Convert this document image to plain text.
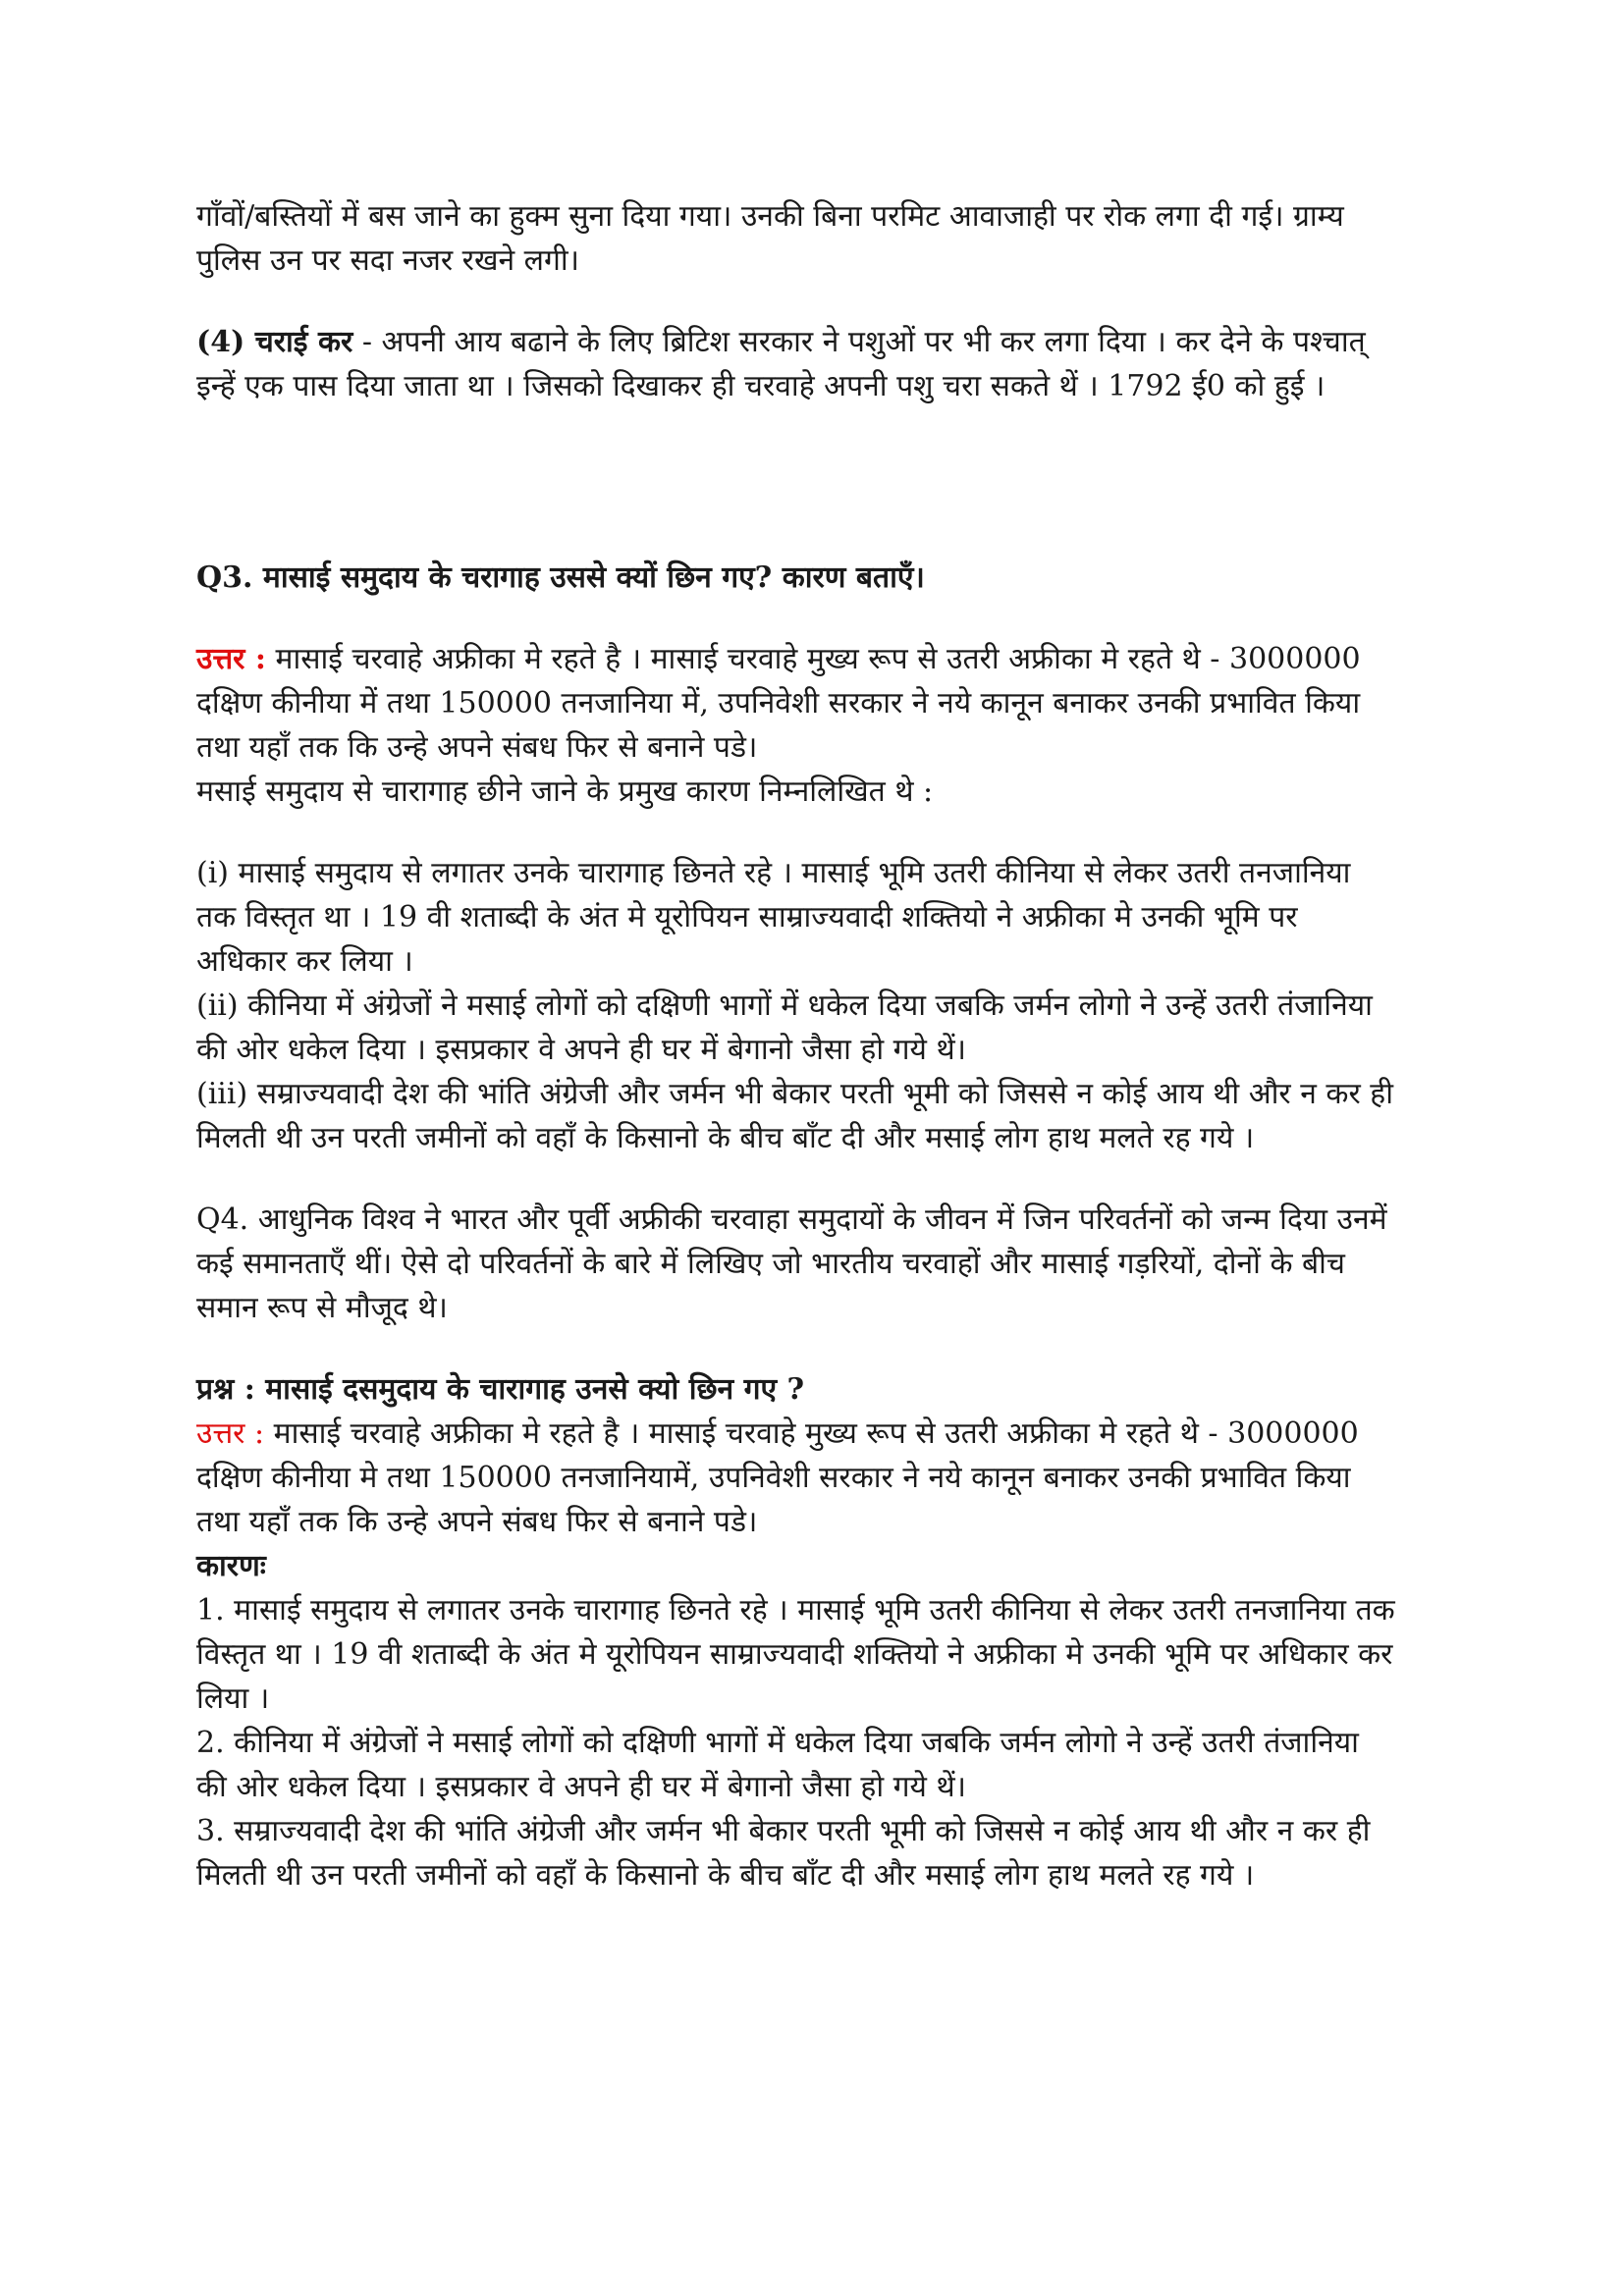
गाँवों/बस्तियों में बस जाने का हुक्म सुना दिया गया। उनकी बिना परमिट आवाजाही पर रोक लगा दी गई। ग्राम्य पुलिस उन पर सदा नजर रखने लगी।

(4) चराई कर - अपनी आय बढाने के लिए ब्रिटिश सरकार ने पशुओं पर भी कर लगा दिया । कर देने के पश्चात् इन्हें एक पास दिया जाता था । जिसको दिखाकर ही चरवाहे अपनी पशु चरा सकते थें । 1792 ई0 को हुई ।

Q3. मासाई समुदाय के चरागाह उससे क्यों छिन गए? कारण बताएँ।

उत्तर : मासाई चरवाहे अफ्रीका मे रहते है । मासाई चरवाहे मुख्य रूप से उतरी अफ्रीका मे रहते थे - 3000000 दक्षिण कीनीया में तथा 150000 तनजानिया में, उपनिवेशी सरकार ने नये कानून बनाकर उनकी प्रभावित किया तथा यहाँ तक कि उन्हे अपने संबध फिर से बनाने पडे।

मसाई समुदाय से चारागाह छीने जाने के प्रमुख कारण निम्नलिखित थे :

(i) मासाई समुदाय से लगातर उनके चारागाह छिनते रहे । मासाई भूमि उतरी कीनिया से लेकर उतरी तनजानिया तक विस्तृत था । 19 वी शताब्दी के अंत मे यूरोपियन साम्राज्यवादी शक्तियो ने अफ्रीका मे उनकी भूमि पर अधिकार कर लिया ।

(ii) कीनिया में अंग्रेजों ने मसाई लोगों को दक्षिणी भागों में धकेल दिया जबकि जर्मन लोगो ने उन्हें उतरी तंजानिया की ओर धकेल दिया । इसप्रकार वे अपने ही घर में बेगानो जैसा हो गये थें।

(iii) सम्राज्यवादी देश की भांति अंग्रेजी और जर्मन भी बेकार परती भूमी को जिससे न कोई आय थी और न कर ही मिलती थी उन परती जमीनों को वहाँ के किसानो के बीच बाँट दी और मसाई लोग हाथ मलते रह गये ।

Q4. आधुनिक विश्व ने भारत और पूर्वी अफ्रीकी चरवाहा समुदायों के जीवन में जिन परिवर्तनों को जन्म दिया उनमें कई समानताएँ थीं। ऐसे दो परिवर्तनों के बारे में लिखिए जो भारतीय चरवाहों और मासाई गड़रियों, दोनों के बीच समान रूप से मौजूद थे।

प्रश्न : मासाई दसमुदाय के चारागाह उनसे क्यो छिन गए ?

उत्तर : मासाई चरवाहे अफ्रीका मे रहते है । मासाई चरवाहे मुख्य रूप से उतरी अफ्रीका मे रहते थे - 3000000 दक्षिण कीनीया मे तथा 150000 तनजानियामें, उपनिवेशी सरकार ने नये कानून बनाकर उनकी प्रभावित किया तथा यहाँ तक कि उन्हे अपने संबध फिर से बनाने पडे।

कारणः

1. मासाई समुदाय से लगातर उनके चारागाह छिनते रहे । मासाई भूमि उतरी कीनिया से लेकर उतरी तनजानिया तक विस्तृत था । 19 वी शताब्दी के अंत मे यूरोपियन साम्राज्यवादी शक्तियो ने अफ्रीका मे उनकी भूमि पर अधिकार कर लिया ।

2. कीनिया में अंग्रेजों ने मसाई लोगों को दक्षिणी भागों में धकेल दिया जबकि जर्मन लोगो ने उन्हें उतरी तंजानिया की ओर धकेल दिया । इसप्रकार वे अपने ही घर में बेगानो जैसा हो गये थें।

3. सम्राज्यवादी देश की भांति अंग्रेजी और जर्मन भी बेकार परती भूमी को जिससे न कोई आय थी और न कर ही मिलती थी उन परती जमीनों को वहाँ के किसानो के बीच बाँट दी और मसाई लोग हाथ मलते रह गये ।
